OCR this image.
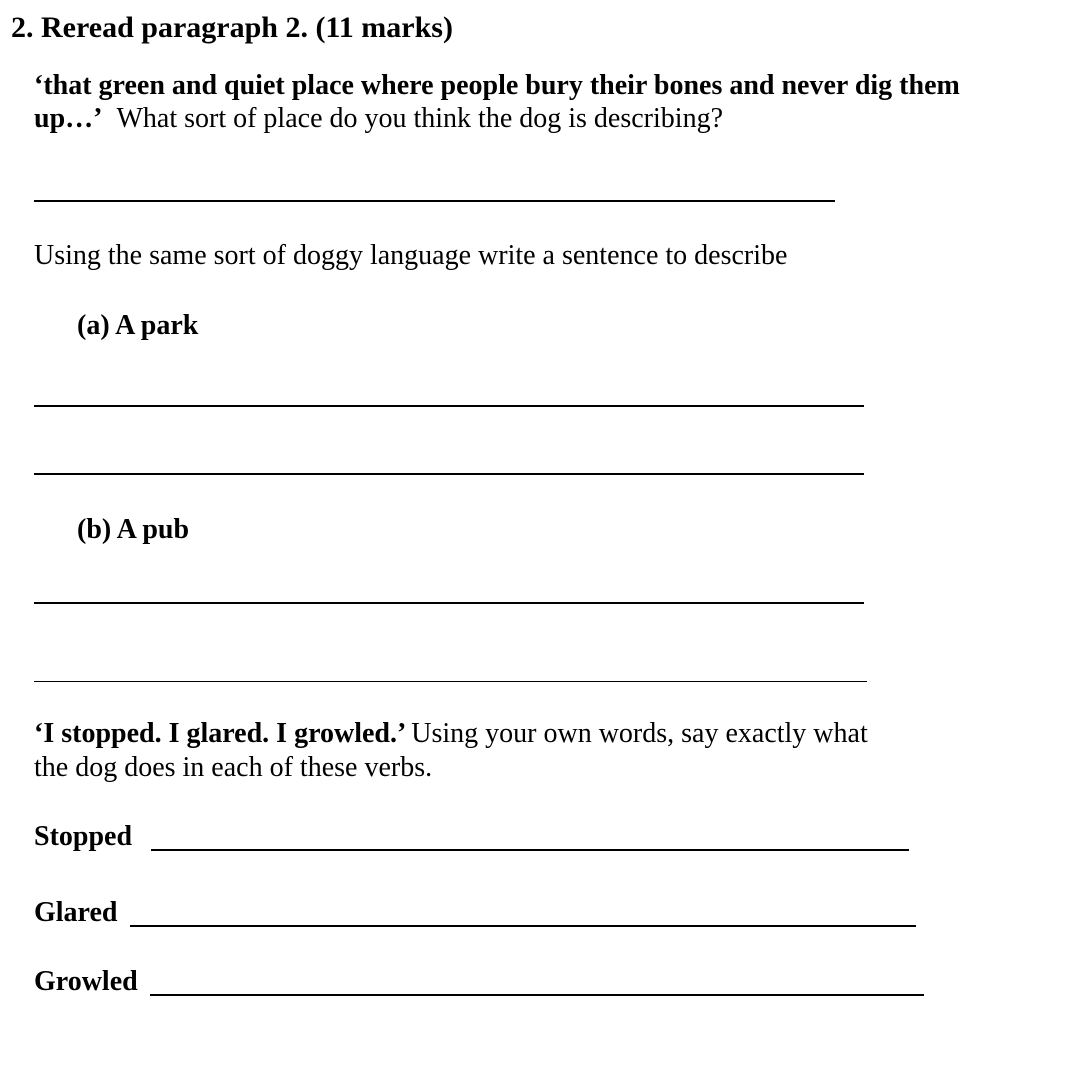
2. Reread paragraph 2. (11 marks)

‘that green and quiet place where people bury their bones and never dig them

up…’ What sort of place do you think the dog is describing?

Using the same sort of doggy language write a sentence to describe

(a) A park

(b) A pub

‘I stopped. I glared. I growled.’ Using your own words, say exactly what

the dog does in each of these verbs.

Stopped

Glared

Growled
